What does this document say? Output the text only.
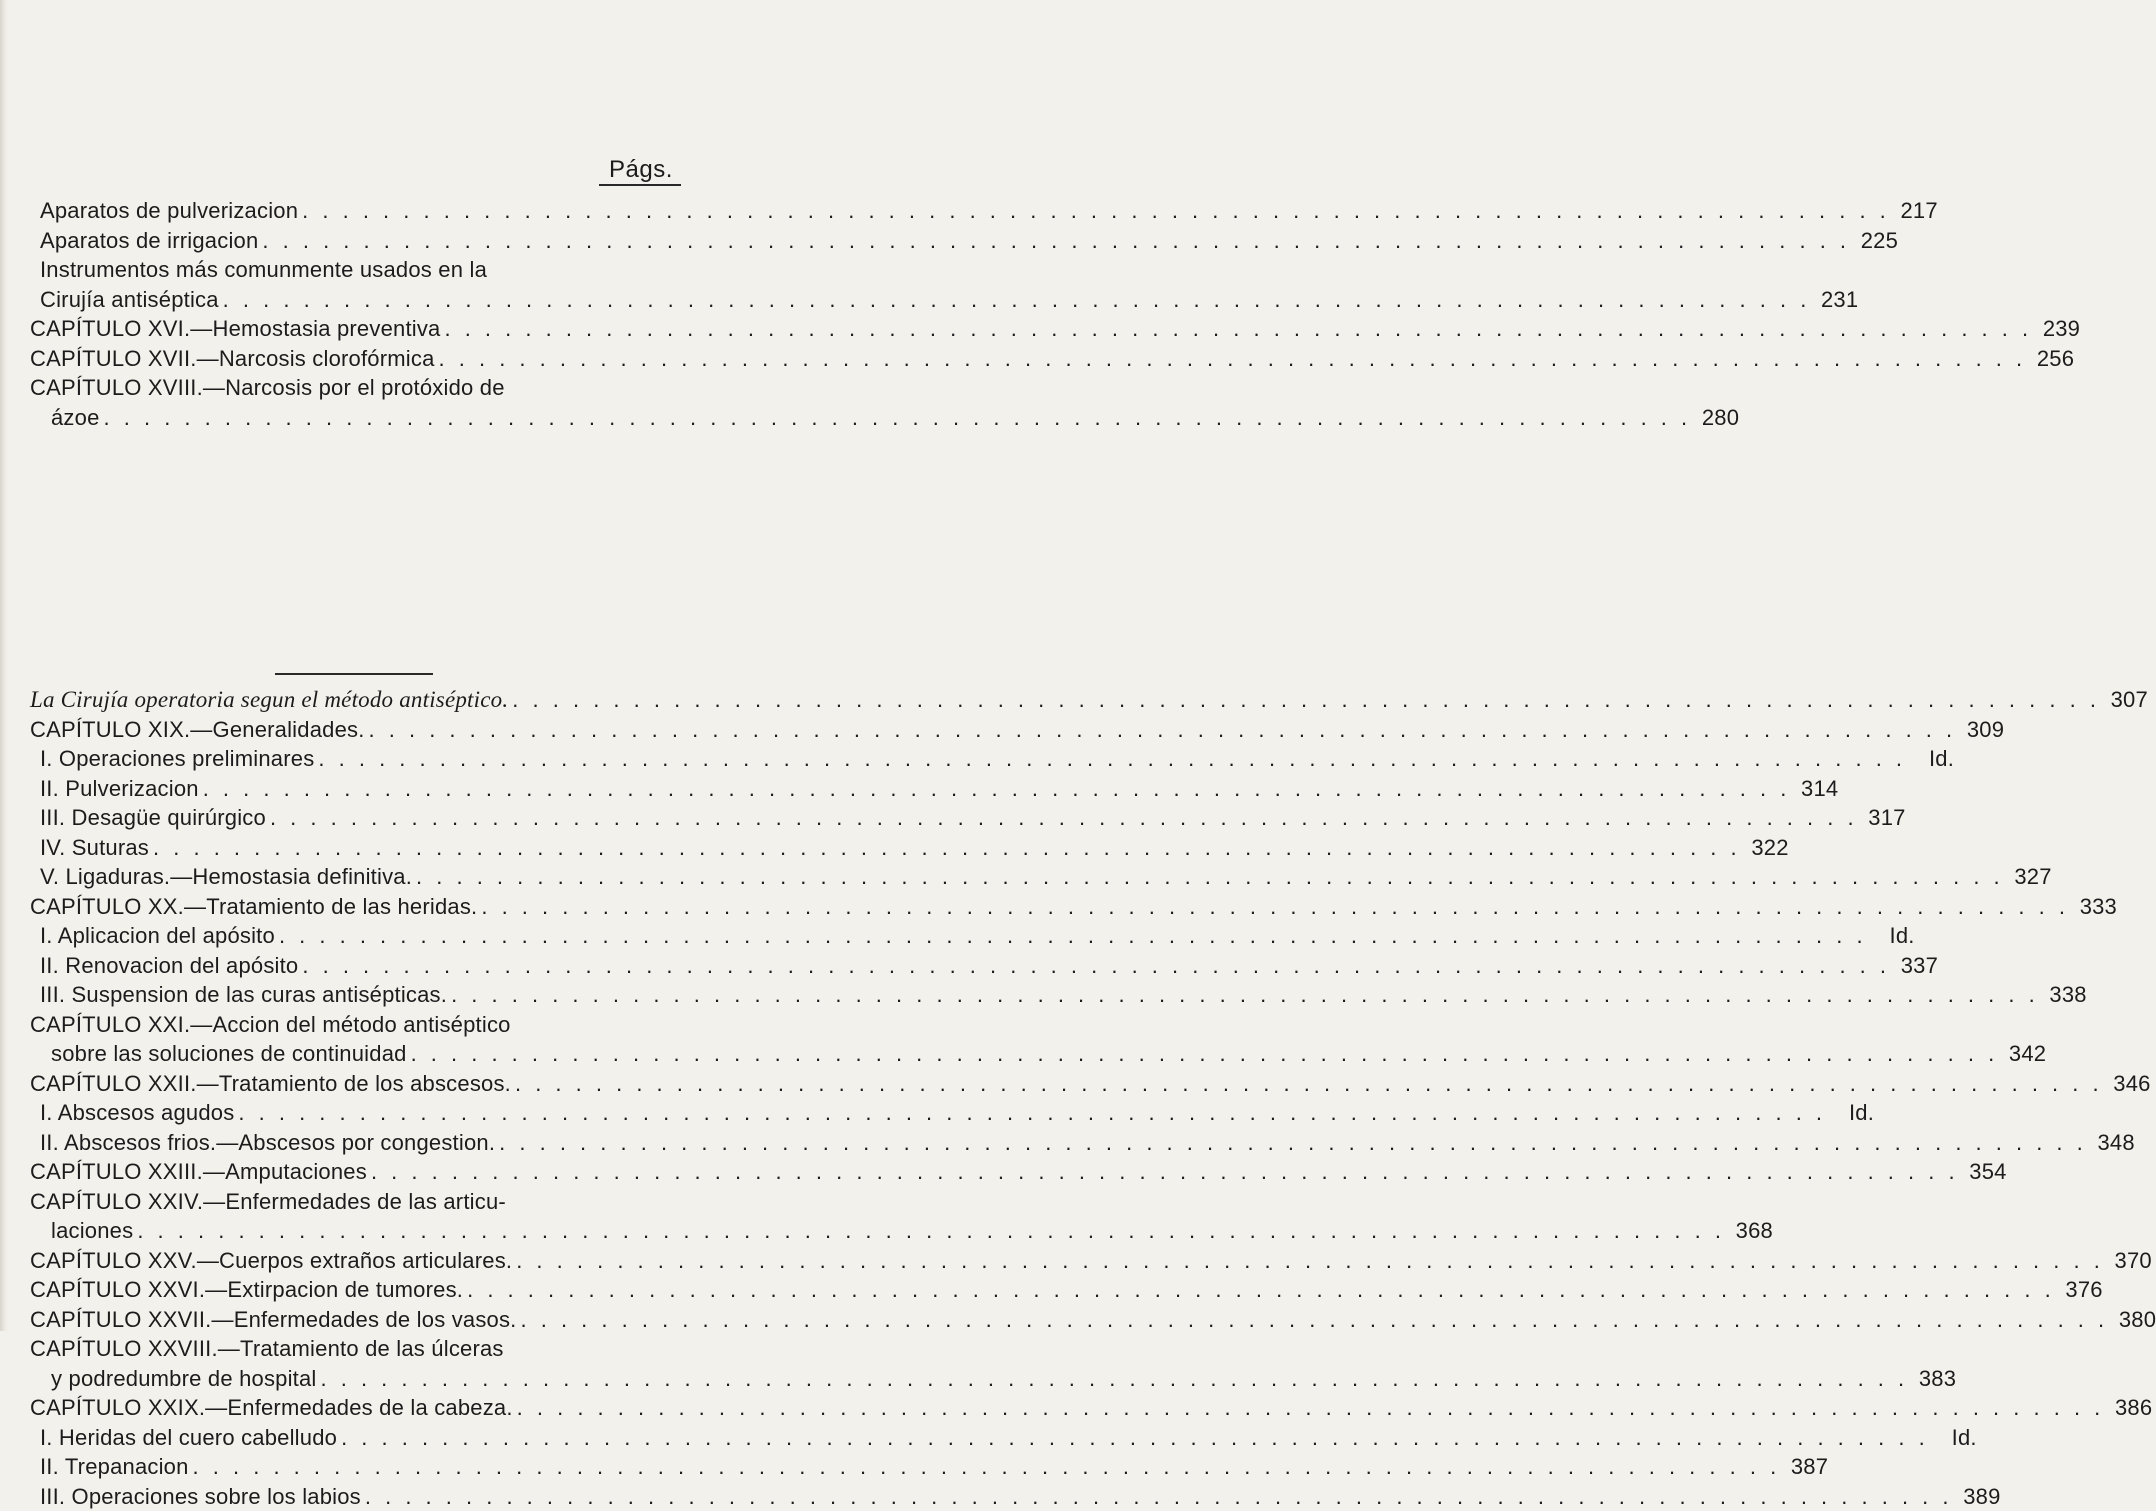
Págs.
Aparatos de pulverizacion . . .	217
Aparatos de irrigacion . . .	225
Instrumentos más comunmente usados en la
Cirujía antiséptica . . .	231
CAPÍTULO XVI.—Hemostasia preventiva . . .	239
CAPÍTULO XVII.—Narcosis clorofórmica . . .	256
CAPÍTULO XVIII.—Narcosis por el protóxido de
ázoe . . .	280
La Cirujía operatoria segun el método antiséptico. . . .	307
CAPÍTULO XIX.—Generalidades. . . .	309
I. Operaciones preliminares . . .	Id.
II. Pulverizacion . . .	314
III. Desagüe quirúrgico . . .	317
IV. Suturas . . .	322
V. Ligaduras.—Hemostasia definitiva. . . .	327
CAPÍTULO XX.—Tratamiento de las heridas. . . .	333
I. Aplicacion del apósito . . .	Id.
II. Renovacion del apósito . . .	337
III. Suspension de las curas antisépticas. . . .	338
CAPÍTULO XXI.—Accion del método antiséptico
sobre las soluciones de continuidad . . .	342
CAPÍTULO XXII.—Tratamiento de los abscesos. . . .	346
I. Abscesos agudos . . .	Id.
II. Abscesos frios.—Abscesos por congestion. . . .	348
CAPÍTULO XXIII.—Amputaciones . . .	354
CAPÍTULO XXIV.—Enfermedades de las articu-
laciones . . .	368
CAPÍTULO XXV.—Cuerpos extraños articulares. . . .	370
CAPÍTULO XXVI.—Extirpacion de tumores. . . .	376
CAPÍTULO XXVII.—Enfermedades de los vasos. . . .	380
CAPÍTULO XXVIII.—Tratamiento de las úlceras
y podredumbre de hospital . . .	383
CAPÍTULO XXIX.—Enfermedades de la cabeza. . . .	386
I. Heridas del cuero cabelludo . . .	Id.
II. Trepanacion . . .	387
III. Operaciones sobre los labios . . .	389
